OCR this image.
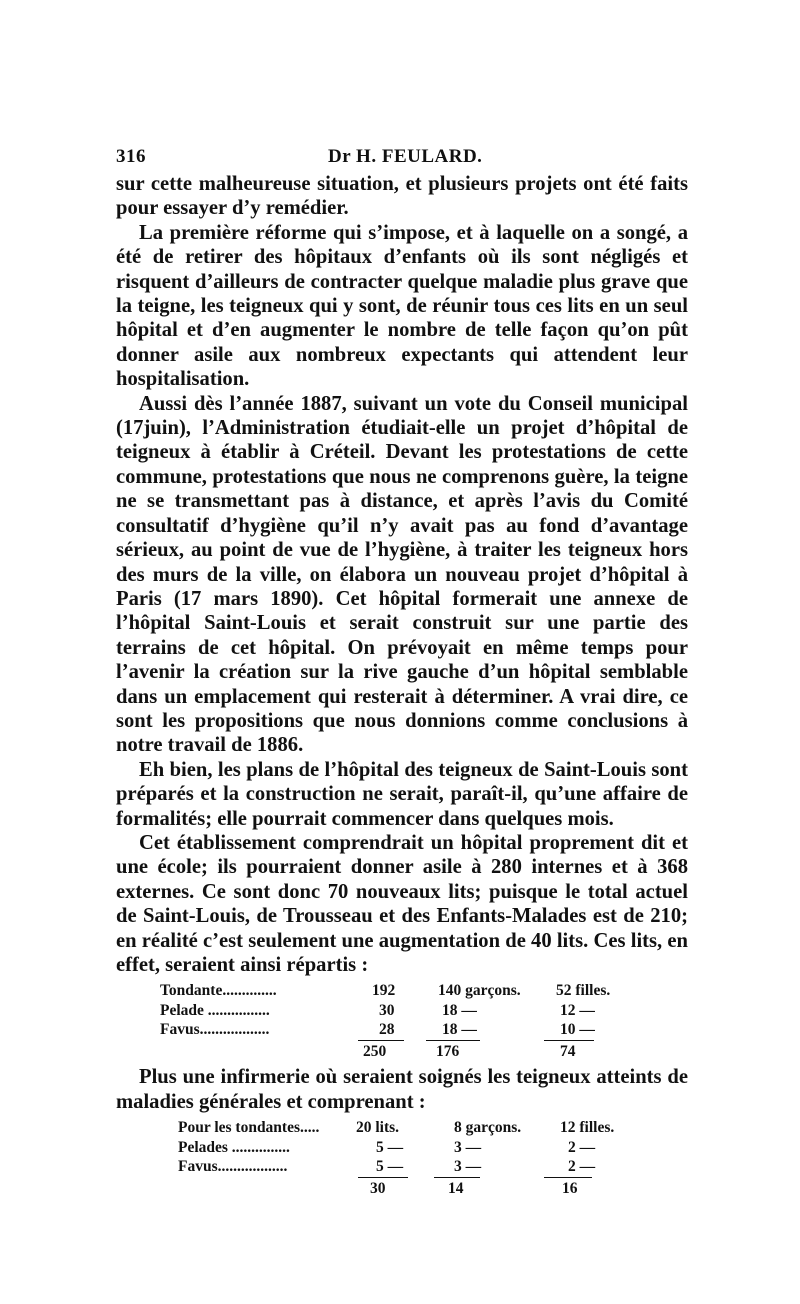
316	Dr H. FEULARD.

sur cette malheureuse situation, et plusieurs projets ont été faits pour essayer d’y remédier.

La première réforme qui s’impose, et à laquelle on a songé, a été de retirer des hôpitaux d’enfants où ils sont négligés et risquent d’ailleurs de contracter quelque maladie plus grave que la teigne, les teigneux qui y sont, de réunir tous ces lits en un seul hôpital et d’en augmenter le nombre de telle façon qu’on pût donner asile aux nombreux expectants qui attendent leur hospitalisation.

Aussi dès l’année 1887, suivant un vote du Conseil municipal (17juin), l’Administration étudiait-elle un projet d’hôpital de teigneux à établir à Créteil. Devant les protestations de cette commune, protestations que nous ne comprenons guère, la teigne ne se transmettant pas à distance, et après l’avis du Comité consultatif d’hygiène qu’il n’y avait pas au fond d’avantage sérieux, au point de vue de l’hygiène, à traiter les teigneux hors des murs de la ville, on élabora un nouveau projet d’hôpital à Paris (17 mars 1890). Cet hôpital formerait une annexe de l’hôpital Saint-Louis et serait construit sur une partie des terrains de cet hôpital. On prévoyait en même temps pour l’avenir la création sur la rive gauche d’un hôpital semblable dans un emplacement qui resterait à déterminer. A vrai dire, ce sont les propositions que nous donnions comme conclusions à notre travail de 1886.

Eh bien, les plans de l’hôpital des teigneux de Saint-Louis sont préparés et la construction ne serait, paraît-il, qu’une affaire de formalités; elle pourrait commencer dans quelques mois.

Cet établissement comprendrait un hôpital proprement dit et une école; ils pourraient donner asile à 280 internes et à 368 externes. Ce sont donc 70 nouveaux lits; puisque le total actuel de Saint-Louis, de Trousseau et des Enfants-Malades est de 210; en réalité c’est seulement une augmentation de 40 lits. Ces lits, en effet, seraient ainsi répartis :

Tondante..............	192	140 garçons. 52 filles.
Pelade ................	30	18 —	12 —
Favus..................	28	18 —	10 —
250	176	74

Plus une infirmerie où seraient soignés les teigneux atteints de maladies générales et comprenant :

Pour les tondantes..... 20 lits.	8 garçons.	12 filles.
Pelades ...............	5 —	3 —	2 —
Favus..................	5 —	3 —	2 —
30	14	16
